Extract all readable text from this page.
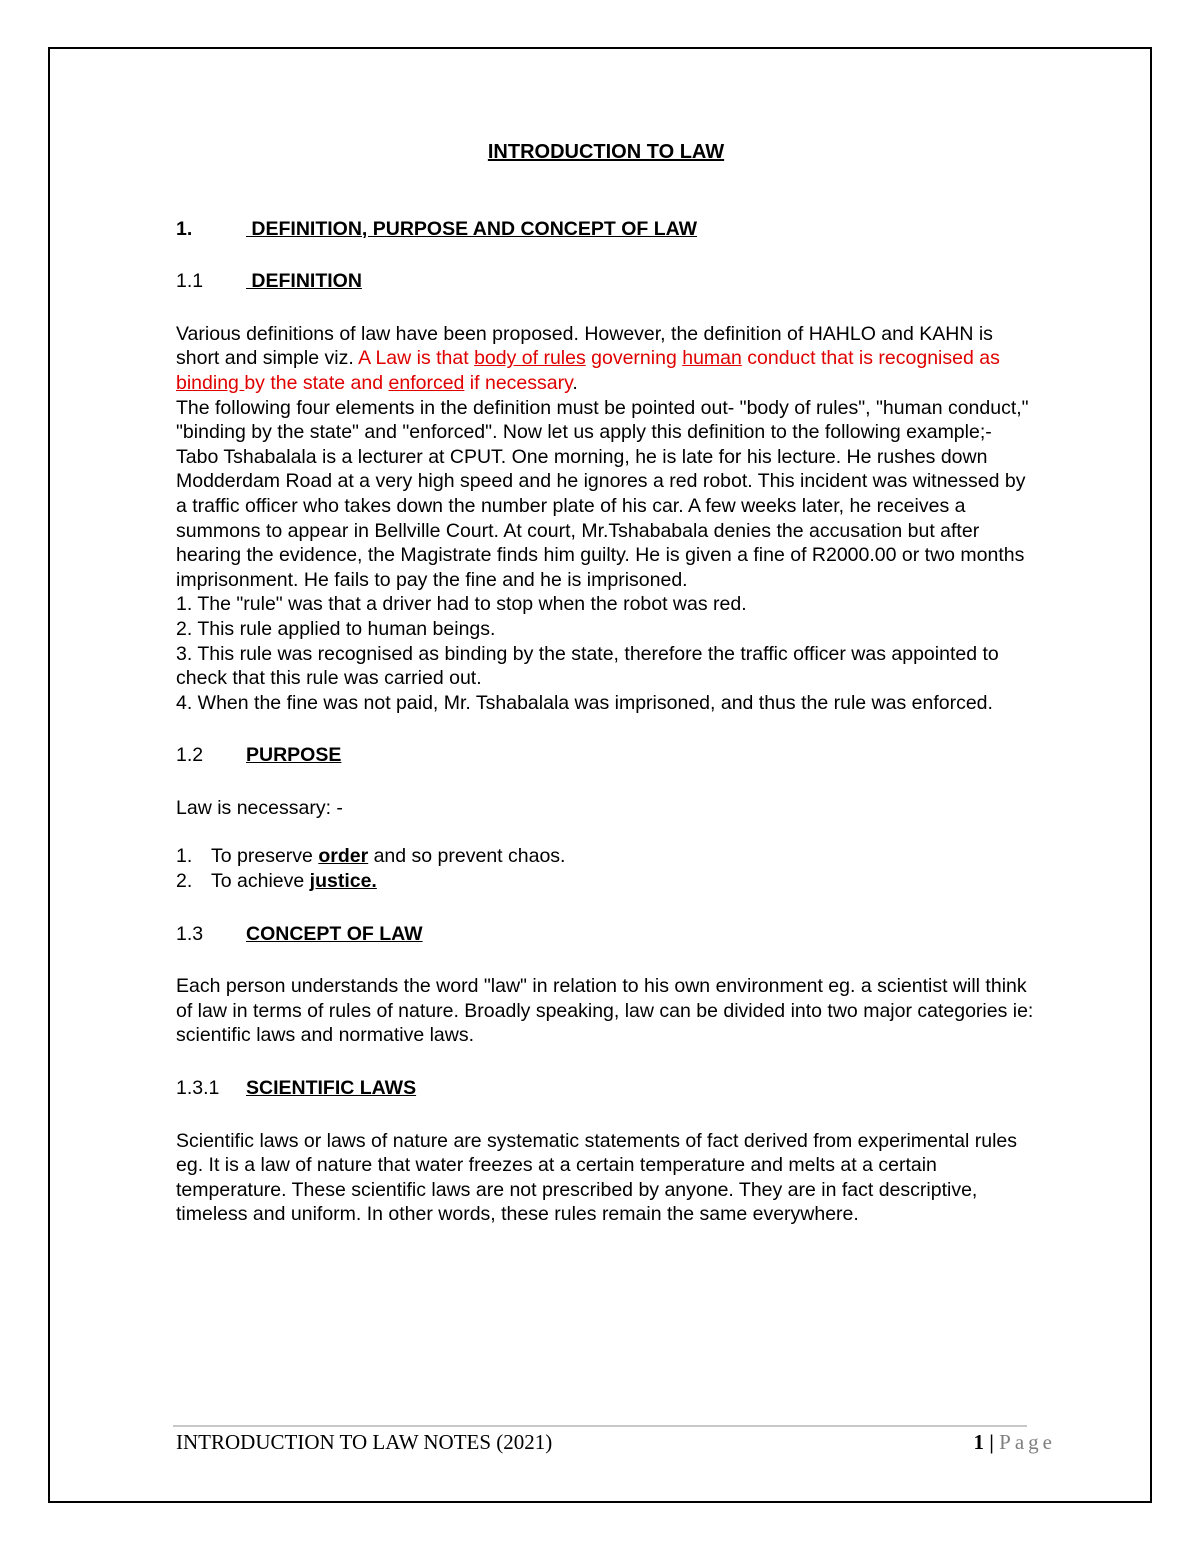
INTRODUCTION TO LAW

1.	DEFINITION, PURPOSE AND CONCEPT OF LAW
1.1	DEFINITION

Various definitions of law have been proposed. However, the definition of HAHLO and KAHN is short and simple viz. A Law is that body of rules governing human conduct that is recognised as binding by the state and enforced if necessary.

The following four elements in the definition must be pointed out- "body of rules", "human conduct," "binding by the state" and "enforced". Now let us apply this definition to the following example;-

Tabo Tshabalala is a lecturer at CPUT. One morning, he is late for his lecture. He rushes down Modderdam Road at a very high speed and he ignores a red robot. This incident was witnessed by a traffic officer who takes down the number plate of his car. A few weeks later, he receives a summons to appear in Bellville Court. At court, Mr.Tshababala denies the accusation but after hearing the evidence, the Magistrate finds him guilty. He is given a fine of R2000.00 or two months imprisonment. He fails to pay the fine and he is imprisoned.

1. The "rule" was that a driver had to stop when the robot was red.

2. This rule applied to human beings.

3. This rule was recognised as binding by the state, therefore the traffic officer was appointed to check that this rule was carried out.

4. When the fine was not paid, Mr. Tshabalala was imprisoned, and thus the rule was enforced.

1.2	PURPOSE

Law is necessary: -

1. To preserve order and so prevent chaos.
2. To achieve justice.
1.3	CONCEPT OF LAW

Each person understands the word "law" in relation to his own environment eg. a scientist will think of law in terms of rules of nature. Broadly speaking, law can be divided into two major categories ie: scientific laws and normative laws.

1.3.1	SCIENTIFIC LAWS

Scientific laws or laws of nature are systematic statements of fact derived from experimental rules eg. It is a law of nature that water freezes at a certain temperature and melts at a certain temperature. These scientific laws are not prescribed by anyone. They are in fact descriptive, timeless and uniform. In other words, these rules remain the same everywhere.

INTRODUCTION TO LAW NOTES (2021)	1 | Page
